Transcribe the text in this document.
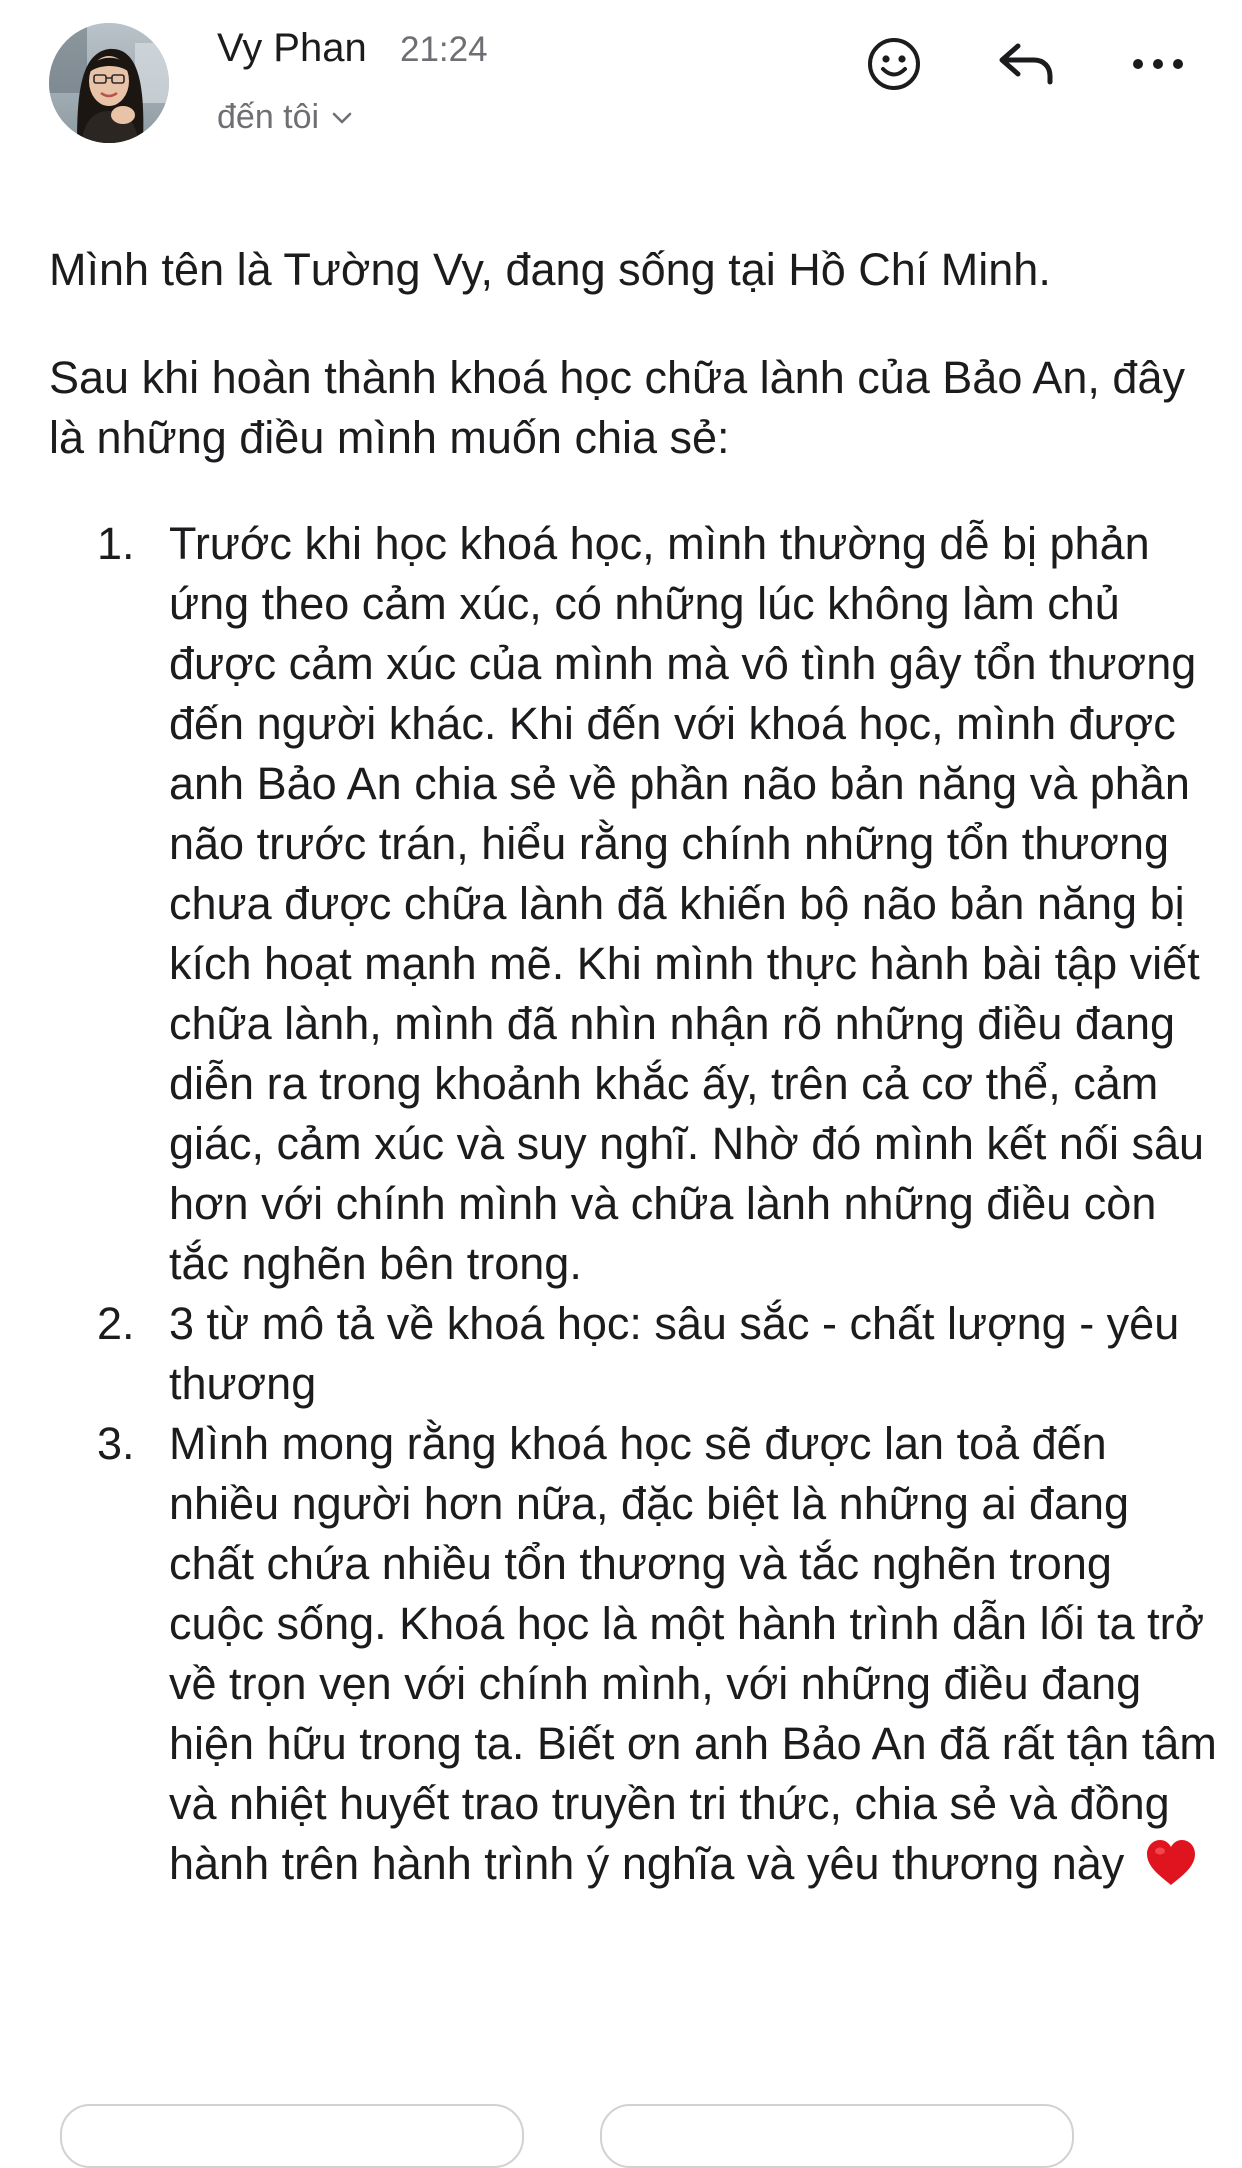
Vy Phan 21:24
đến tôi

Mình tên là Tường Vy, đang sống tại Hồ Chí Minh.

Sau khi hoàn thành khoá học chữa lành của Bảo An, đây là những điều mình muốn chia sẻ:

1. Trước khi học khoá học, mình thường dễ bị phản ứng theo cảm xúc, có những lúc không làm chủ được cảm xúc của mình mà vô tình gây tổn thương đến người khác. Khi đến với khoá học, mình được anh Bảo An chia sẻ về phần não bản năng và phần não trước trán, hiểu rằng chính những tổn thương chưa được chữa lành đã khiến bộ não bản năng bị kích hoạt mạnh mẽ. Khi mình thực hành bài tập viết chữa lành, mình đã nhìn nhận rõ những điều đang diễn ra trong khoảnh khắc ấy, trên cả cơ thể, cảm giác, cảm xúc và suy nghĩ. Nhờ đó mình kết nối sâu hơn với chính mình và chữa lành những điều còn tắc nghẽn bên trong.
2. 3 từ mô tả về khoá học: sâu sắc - chất lượng - yêu thương
3. Mình mong rằng khoá học sẽ được lan toả đến nhiều người hơn nữa, đặc biệt là những ai đang chất chứa nhiều tổn thương và tắc nghẽn trong cuộc sống. Khoá học là một hành trình dẫn lối ta trở về trọn vẹn với chính mình, với những điều đang hiện hữu trong ta. Biết ơn anh Bảo An đã rất tận tâm và nhiệt huyết trao truyền tri thức, chia sẻ và đồng hành trên hành trình ý nghĩa và yêu thương này
